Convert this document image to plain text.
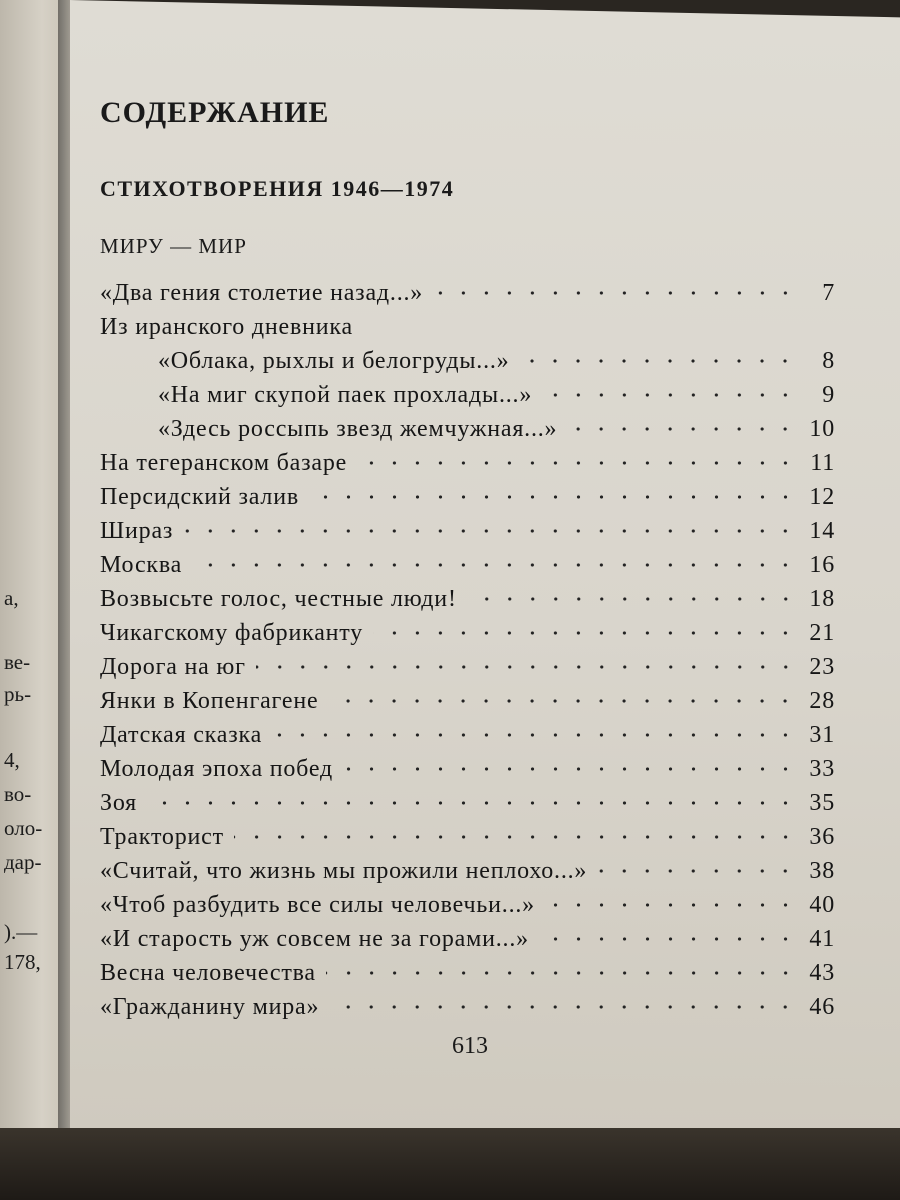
а,
ве-
рь-
4,
во-
оло-
дар-
).—
178,
СОДЕРЖАНИЕ
СТИХОТВОРЕНИЯ 1946—1974
МИРУ — МИР
«Два гения столетие назад...»	7
Из иранского дневника
«Облака, рыхлы и белогруды...»	8
«На миг скупой паек прохлады...»	9
«Здесь россыпь звезд жемчужная...»	10
На тегеранском базаре	11
Персидский залив	12
Шираз	14
Москва	16
Возвысьте голос, честные люди!	18
Чикагскому фабриканту	21
Дорога на юг	23
Янки в Копенгагене	28
Датская сказка	31
Молодая эпоха побед	33
Зоя	35
Тракторист	36
«Считай, что жизнь мы прожили неплохо...»	38
«Чтоб разбудить все силы человечьи...»	40
«И старость уж совсем не за горами...»	41
Весна человечества	43
«Гражданину мира»	46
613
